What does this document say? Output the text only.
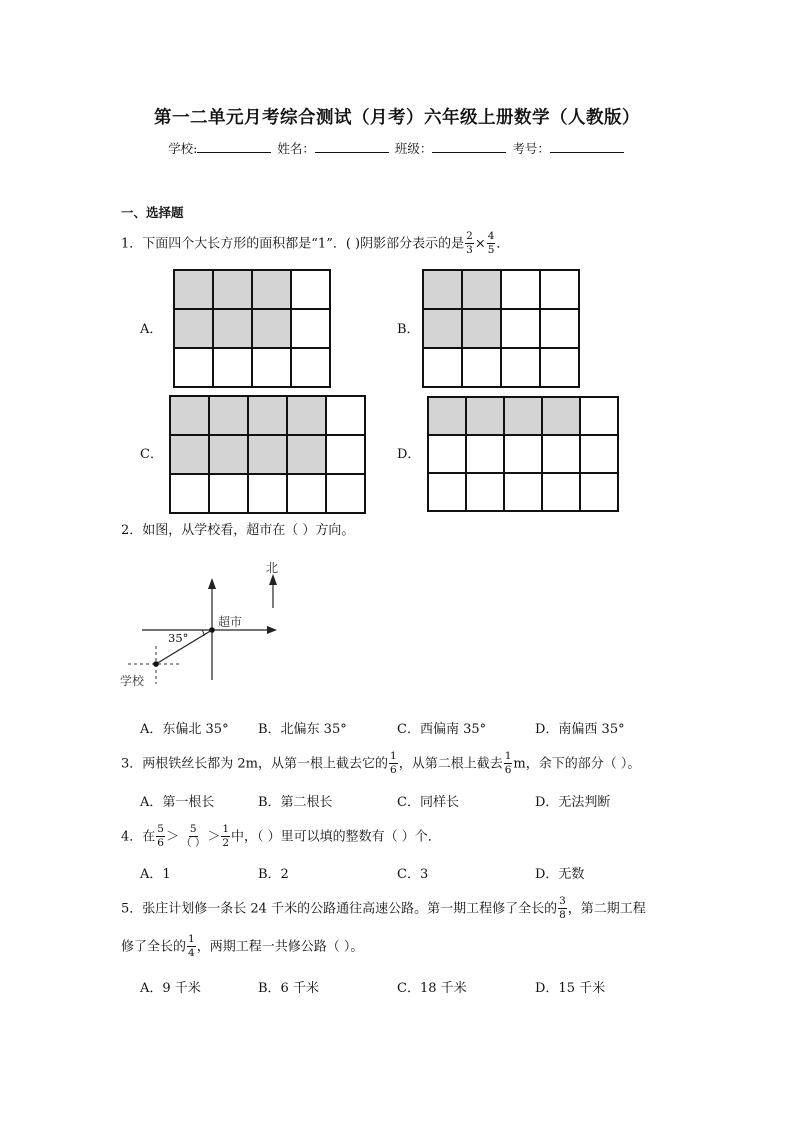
第一二单元月考综合测试（月考）六年级上册数学（人教版）
学校:	姓名：	班级：	考号：
一、选择题
1．下面四个大长方形的面积都是“1”．( )阴影部分表示的是 $\frac{2}{3} \times \frac{4}{5}$ ．
A．	B．
C．	D．

2．如图，从学校看，超市在（ ）方向。
北
超市
学校
35°
A．东偏北 35° B．北偏东 35°	C．西偏南 35°	D．南偏西 35°
3．两根铁丝长都为 2m，从第一根上截去它的 $\frac{1}{6}$ ，从第二根上截去 $\frac{1}{6}$ m，余下的部分（ ）。
A．第一根长	B．第二根长	C．同样长	D．无法判断
4．在 $\frac{5}{6} > \frac{5}{( )} > \frac{1}{2}$ 中，（ ）里可以填的整数有（ ）个．
A．1	B．2	C．3	D．无数
5．张庄计划修一条长 24 千米的公路通往高速公路。第一期工程修了全长的 $\frac{3}{8}$ ，第二期工程
修了全长的 $\frac{1}{4}$ ，两期工程一共修公路（ ）。
A．9 千米	B．6 千米	C．18 千米	D．15 千米
